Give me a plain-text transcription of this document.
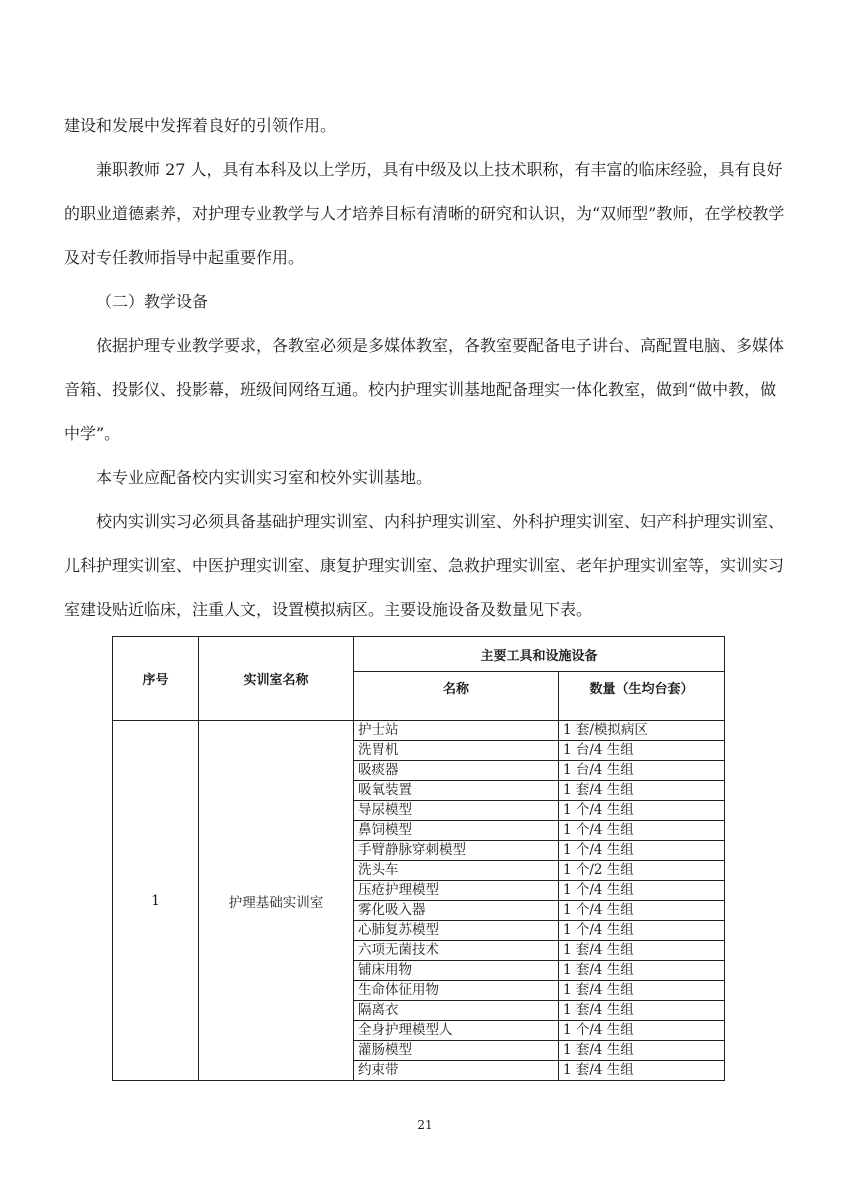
建设和发展中发挥着良好的引领作用。

兼职教师 27 人，具有本科及以上学历，具有中级及以上技术职称，有丰富的临床经验，具有良好的职业道德素养，对护理专业教学与人才培养目标有清晰的研究和认识，为“双师型”教师，在学校教学及对专任教师指导中起重要作用。

（二）教学设备

依据护理专业教学要求，各教室必须是多媒体教室，各教室要配备电子讲台、高配置电脑、多媒体音箱、投影仪、投影幕，班级间网络互通。校内护理实训基地配备理实一体化教室，做到“做中教，做中学”。

本专业应配备校内实训实习室和校外实训基地。

校内实训实习必须具备基础护理实训室、内科护理实训室、外科护理实训室、妇产科护理实训室、儿科护理实训室、中医护理实训室、康复护理实训室、急救护理实训室、老年护理实训室等，实训实习室建设贴近临床，注重人文，设置模拟病区。主要设施设备及数量见下表。

序号	实训室名称	主要工具和设施设备	
		名称	数量（生均台套）
1	护理基础实训室	护士站	1 套/模拟病区
		洗胃机	1 台/4 生组
		吸痰器	1 台/4 生组
		吸氧装置	1 套/4 生组
		导尿模型	1 个/4 生组
		鼻饲模型	1 个/4 生组
		手臂静脉穿刺模型	1 个/4 生组
		洗头车	1 个/2 生组
		压疮护理模型	1 个/4 生组
		雾化吸入器	1 个/4 生组
		心肺复苏模型	1 个/4 生组
		六项无菌技术	1 套/4 生组
		铺床用物	1 套/4 生组
		生命体征用物	1 套/4 生组
		隔离衣	1 套/4 生组
		全身护理模型人	1 个/4 生组
		灌肠模型	1 套/4 生组
		约束带	1 套/4 生组
21
